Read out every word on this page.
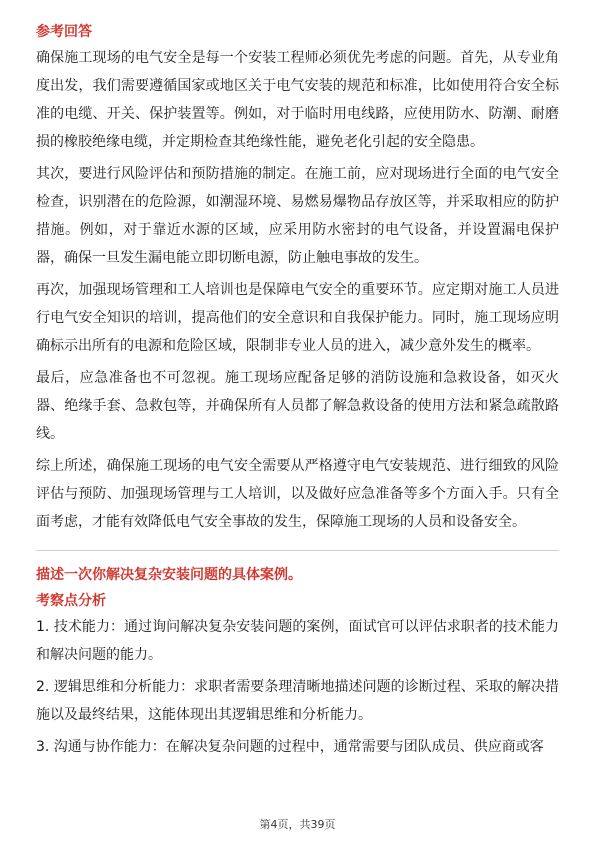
参考回答

确保施工现场的电气安全是每一个安装工程师必须优先考虑的问题。首先，从专业角度出发，我们需要遵循国家或地区关于电气安装的规范和标准，比如使用符合安全标准的电缆、开关、保护装置等。例如，对于临时用电线路，应使用防水、防潮、耐磨损的橡胶绝缘电缆，并定期检查其绝缘性能，避免老化引起的安全隐患。

其次，要进行风险评估和预防措施的制定。在施工前，应对现场进行全面的电气安全检查，识别潜在的危险源，如潮湿环境、易燃易爆物品存放区等，并采取相应的防护措施。例如，对于靠近水源的区域，应采用防水密封的电气设备，并设置漏电保护器，确保一旦发生漏电能立即切断电源，防止触电事故的发生。

再次，加强现场管理和工人培训也是保障电气安全的重要环节。应定期对施工人员进行电气安全知识的培训，提高他们的安全意识和自我保护能力。同时，施工现场应明确标示出所有的电源和危险区域，限制非专业人员的进入，减少意外发生的概率。

最后，应急准备也不可忽视。施工现场应配备足够的消防设施和急救设备，如灭火器、绝缘手套、急救包等，并确保所有人员都了解急救设备的使用方法和紧急疏散路线。

综上所述，确保施工现场的电气安全需要从严格遵守电气安装规范、进行细致的风险评估与预防、加强现场管理与工人培训，以及做好应急准备等多个方面入手。只有全面考虑，才能有效降低电气安全事故的发生，保障施工现场的人员和设备安全。

描述一次你解决复杂安装问题的具体案例。

考察点分析

1. 技术能力：通过询问解决复杂安装问题的案例，面试官可以评估求职者的技术能力和解决问题的能力。

2. 逻辑思维和分析能力：求职者需要条理清晰地描述问题的诊断过程、采取的解决措施以及最终结果，这能体现出其逻辑思维和分析能力。

3. 沟通与协作能力：在解决复杂问题的过程中，通常需要与团队成员、供应商或客

第4页，共39页
